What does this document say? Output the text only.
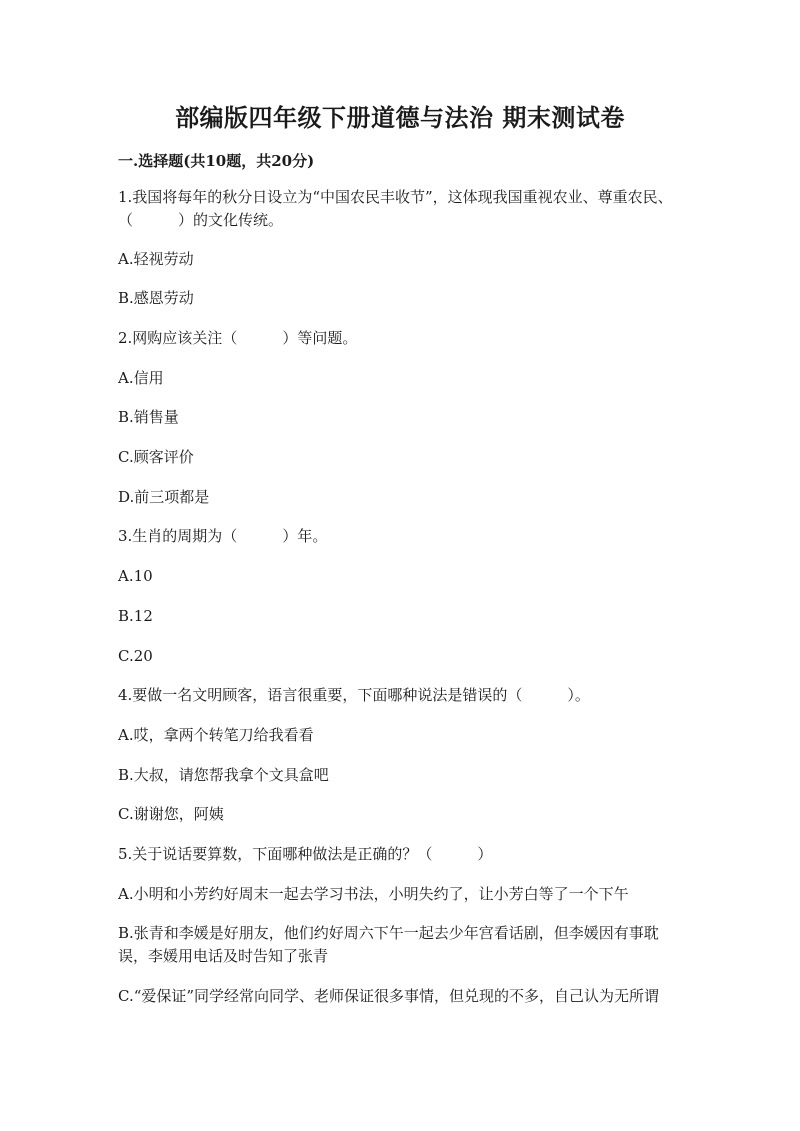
部编版四年级下册道德与法治 期末测试卷
一.选择题(共10题，共20分)
1.我国将每年的秋分日设立为“中国农民丰收节”，这体现我国重视农业、尊重农民、（　　　）的文化传统。
A.轻视劳动
B.感恩劳动
2.网购应该关注（　　　）等问题。
A.信用
B.销售量
C.顾客评价
D.前三项都是
3.生肖的周期为（　　　）年。
A.10
B.12
C.20
4.要做一名文明顾客，语言很重要，下面哪种说法是错误的（　　　）。
A.哎，拿两个转笔刀给我看看
B.大叔，请您帮我拿个文具盒吧
C.谢谢您，阿姨
5.关于说话要算数，下面哪种做法是正确的？（　　　）
A.小明和小芳约好周末一起去学习书法，小明失约了，让小芳白等了一个下午
B.张青和李媛是好朋友，他们约好周六下午一起去少年宫看话剧，但李媛因有事耽误，李媛用电话及时告知了张青
C.“爱保证”同学经常向同学、老师保证很多事情，但兑现的不多，自己认为无所谓
